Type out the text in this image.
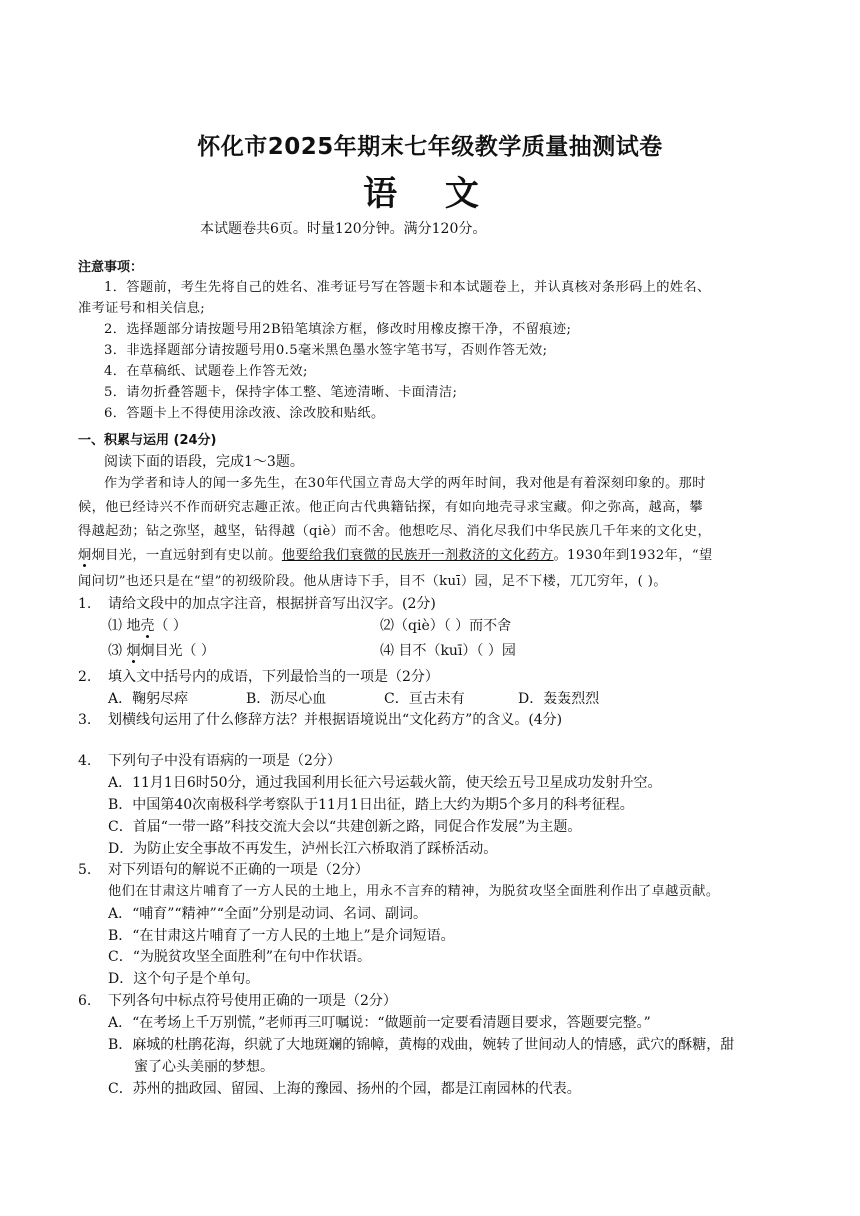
怀化市2025年期末七年级教学质量抽测试卷
语 文
本试题卷共6页。时量120分钟。满分120分。
注意事项：
1．答题前，考生先将自己的姓名、准考证号写在答题卡和本试题卷上，并认真核对条形码上的姓名、
准考证号和相关信息;
2．选择题部分请按题号用2B铅笔填涂方框，修改时用橡皮擦干净，不留痕迹;
3．非选择题部分请按题号用0.5毫米黑色墨水签字笔书写，否则作答无效;
4．在草稿纸、试题卷上作答无效;
5．请勿折叠答题卡，保持字体工整、笔迹清晰、卡面清洁;
6．答题卡上不得使用涂改液、涂改胶和贴纸。
一、积累与运用 (24分)
阅读下面的语段，完成1～3题。
作为学者和诗人的闻一多先生，在30年代国立青岛大学的两年时间，我对他是有着深刻印象的。那时
候，他已经诗兴不作而研究志趣正浓。他正向古代典籍钻探，有如向地壳寻求宝藏。仰之弥高，越高，攀
得越起劲；钻之弥坚，越坚，钻得越（qiè）而不舍。他想吃尽、消化尽我们中华民族几千年来的文化史，
炯炯目光，一直远射到有史以前。他要给我们衰微的民族开一剂救济的文化药方。1930年到1932年，“望
闻问切”也还只是在“望”的初级阶段。他从唐诗下手，目不（kuī）园，足不下楼，兀兀穷年，( )。
1. 请给文段中的加点字注音，根据拼音写出汉字。(2分)
⑴ 地壳（ ）	⑵（qiè）（ ）而不舍
⑶ 炯炯目光（ ）	⑷ 目不（kuī）（ ）园
2. 填入文中括号内的成语，下列最恰当的一项是（2分）
A．鞠躬尽瘁	B．沥尽心血	C．亘古未有	D．轰轰烈烈
3. 划横线句运用了什么修辞方法？并根据语境说出“文化药方”的含义。(4分)
4. 下列句子中没有语病的一项是（2分）
A．11月1日6时50分，通过我国利用长征六号运载火箭，使天绘五号卫星成功发射升空。
B．中国第40次南极科学考察队于11月1日出征，踏上大约为期5个多月的科考征程。
C．首届“一带一路”科技交流大会以“共建创新之路，同促合作发展”为主题。
D．为防止安全事故不再发生，泸州长江六桥取消了踩桥活动。
5. 对下列语句的解说不正确的一项是（2分）
他们在甘肃这片哺育了一方人民的土地上，用永不言弃的精神，为脱贫攻坚全面胜利作出了卓越贡献。
A．“哺育”“精神”“全面”分别是动词、名词、副词。
B．“在甘肃这片哺育了一方人民的土地上”是介词短语。
C．“为脱贫攻坚全面胜利”在句中作状语。
D．这个句子是个单句。
6. 下列各句中标点符号使用正确的一项是（2分）
A．“在考场上千万别慌，”老师再三叮嘱说：“做题前一定要看清题目要求，答题要完整。”
B．麻城的杜鹃花海，织就了大地斑斓的锦幛，黄梅的戏曲，婉转了世间动人的情感，武穴的酥糖，甜
蜜了心头美丽的梦想。
C．苏州的拙政园、留园、上海的豫园、扬州的个园，都是江南园林的代表。
